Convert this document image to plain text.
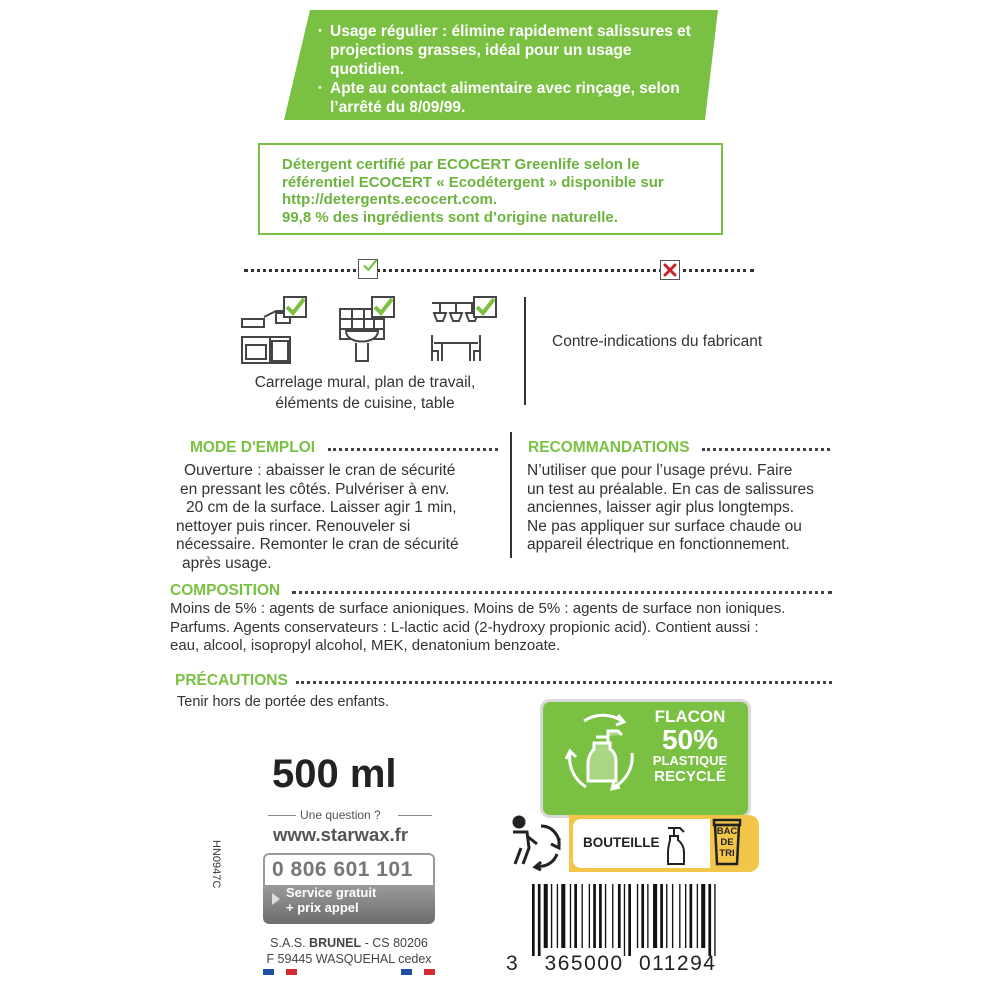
• Usage régulier : élimine rapidement salissures et projections grasses, idéal pour un usage quotidien.
• Apte au contact alimentaire avec rinçage, selon l’arrêté du 8/09/99.
Détergent certifié par ECOCERT Greenlife selon le
référentiel ECOCERT « Ecodétergent » disponible sur
http://detergents.ecocert.com.
99,8 % des ingrédients sont d’origine naturelle.
Carrelage mural, plan de travail,
éléments de cuisine, table
Contre-indications du fabricant
MODE D'EMPLOI
Ouverture : abaisser le cran de sécurité
en pressant les côtés. Pulvériser à env.
20 cm de la surface. Laisser agir 1 min,
nettoyer puis rincer. Renouveler si
nécessaire. Remonter le cran de sécurité
après usage.
RECOMMANDATIONS
N’utiliser que pour l’usage prévu. Faire
un test au préalable. En cas de salissures
anciennes, laisser agir plus longtemps.
Ne pas appliquer sur surface chaude ou
appareil électrique en fonctionnement.
COMPOSITION
Moins de 5% : agents de surface anioniques. Moins de 5% : agents de surface non ioniques.
Parfums. Agents conservateurs : L-lactic acid (2-hydroxy propionic acid). Contient aussi :
eau, alcool, isopropyl alcohol, MEK, denatonium benzoate.
PRÉCAUTIONS
Tenir hors de portée des enfants.
FLACON
50%
PLASTIQUE
RECYCLÉ
BOUTEILLE
BAC
DE
TRI
3 365000 011294
500 ml
Une question ?
www.starwax.fr
0 806 601 101
Service gratuit
+ prix appel
HN0947C
S.A.S. BRUNEL - CS 80206
F 59445 WASQUEHAL cedex
